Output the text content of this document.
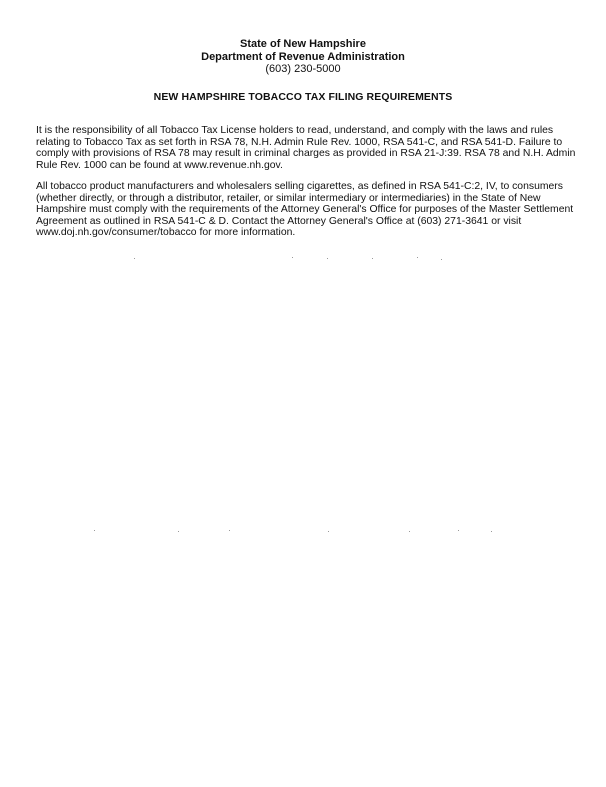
State of New Hampshire
Department of Revenue Administration
(603) 230-5000
NEW HAMPSHIRE TOBACCO TAX FILING REQUIREMENTS

It is the responsibility of all Tobacco Tax License holders to read, understand, and comply with the laws and rules relating to Tobacco Tax as set forth in RSA 78, N.H. Admin Rule Rev. 1000, RSA 541-C, and RSA 541-D. Failure to comply with provisions of RSA 78 may result in criminal charges as provided in RSA 21-J:39. RSA 78 and N.H. Admin Rule Rev. 1000 can be found at www.revenue.nh.gov.

All tobacco product manufacturers and wholesalers selling cigarettes, as defined in RSA 541-C:2, IV, to consumers (whether directly, or through a distributor, retailer, or similar intermediary or intermediaries) in the State of New Hampshire must comply with the requirements of the Attorney General's Office for purposes of the Master Settlement Agreement as outlined in RSA 541-C & D. Contact the Attorney General's Office at (603) 271-3641 or visit www.doj.nh.gov/consumer/tobacco for more information.
